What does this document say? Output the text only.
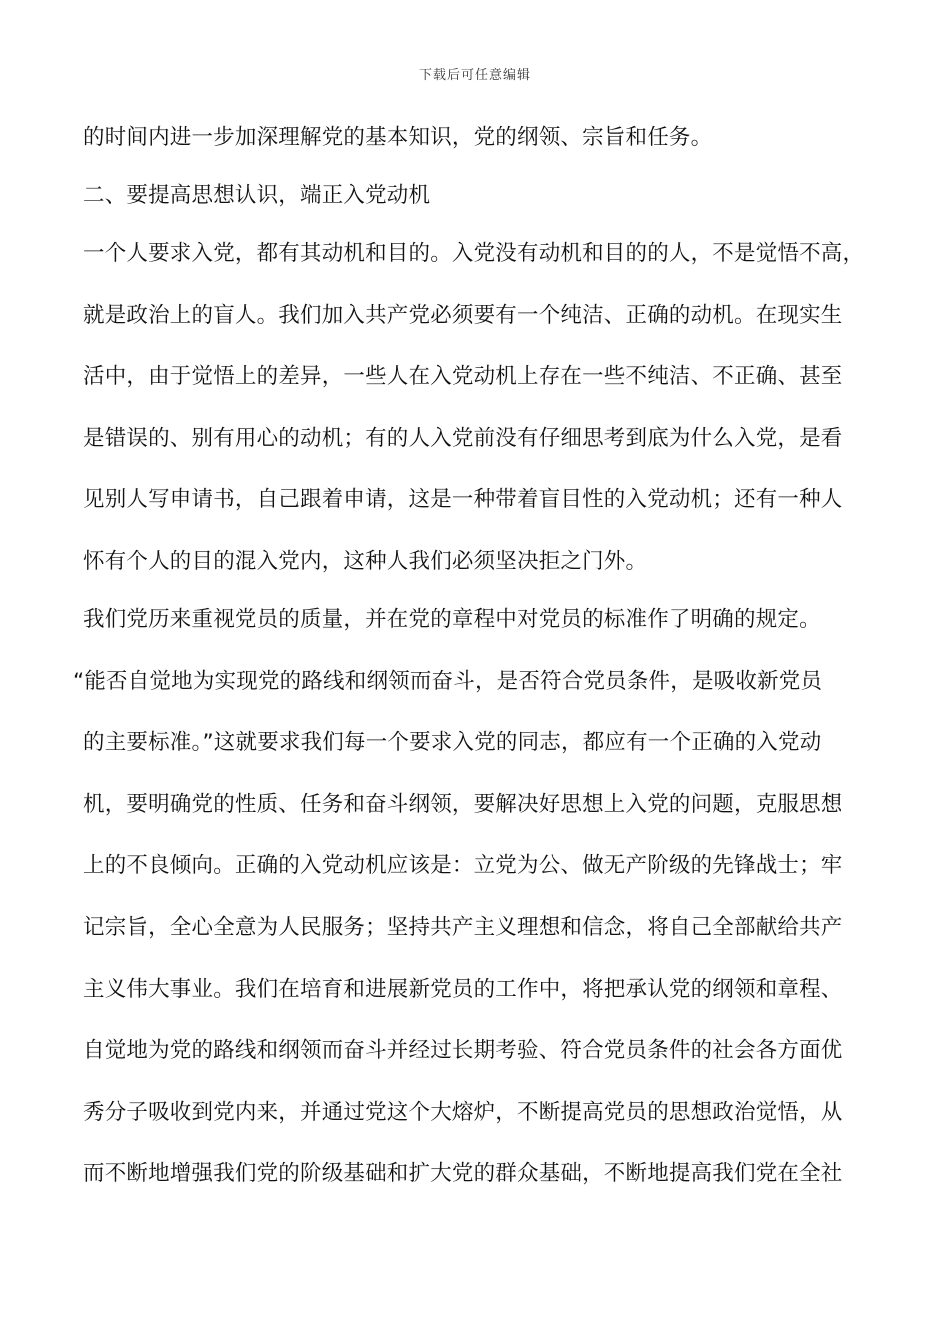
下载后可任意编辑
的时间内进一步加深理解党的基本知识，党的纲领、宗旨和任务。
二、要提高思想认识，端正入党动机
一个人要求入党，都有其动机和目的。入党没有动机和目的的人，不是觉悟不高，
就是政治上的盲人。我们加入共产党必须要有一个纯洁、正确的动机。在现实生
活中，由于觉悟上的差异，一些人在入党动机上存在一些不纯洁、不正确、甚至
是错误的、别有用心的动机；有的人入党前没有仔细思考到底为什么入党，是看
见别人写申请书，自己跟着申请，这是一种带着盲目性的入党动机；还有一种人
怀有个人的目的混入党内，这种人我们必须坚决拒之门外。
我们党历来重视党员的质量，并在党的章程中对党员的标准作了明确的规定。
“能否自觉地为实现党的路线和纲领而奋斗，是否符合党员条件，是吸收新党员
的主要标准。”这就要求我们每一个要求入党的同志，都应有一个正确的入党动
机，要明确党的性质、任务和奋斗纲领，要解决好思想上入党的问题，克服思想
上的不良倾向。正确的入党动机应该是：立党为公、做无产阶级的先锋战士；牢
记宗旨，全心全意为人民服务；坚持共产主义理想和信念，将自己全部献给共产
主义伟大事业。我们在培育和进展新党员的工作中，将把承认党的纲领和章程、
自觉地为党的路线和纲领而奋斗并经过长期考验、符合党员条件的社会各方面优
秀分子吸收到党内来，并通过党这个大熔炉，不断提高党员的思想政治觉悟，从
而不断地增强我们党的阶级基础和扩大党的群众基础，不断地提高我们党在全社
